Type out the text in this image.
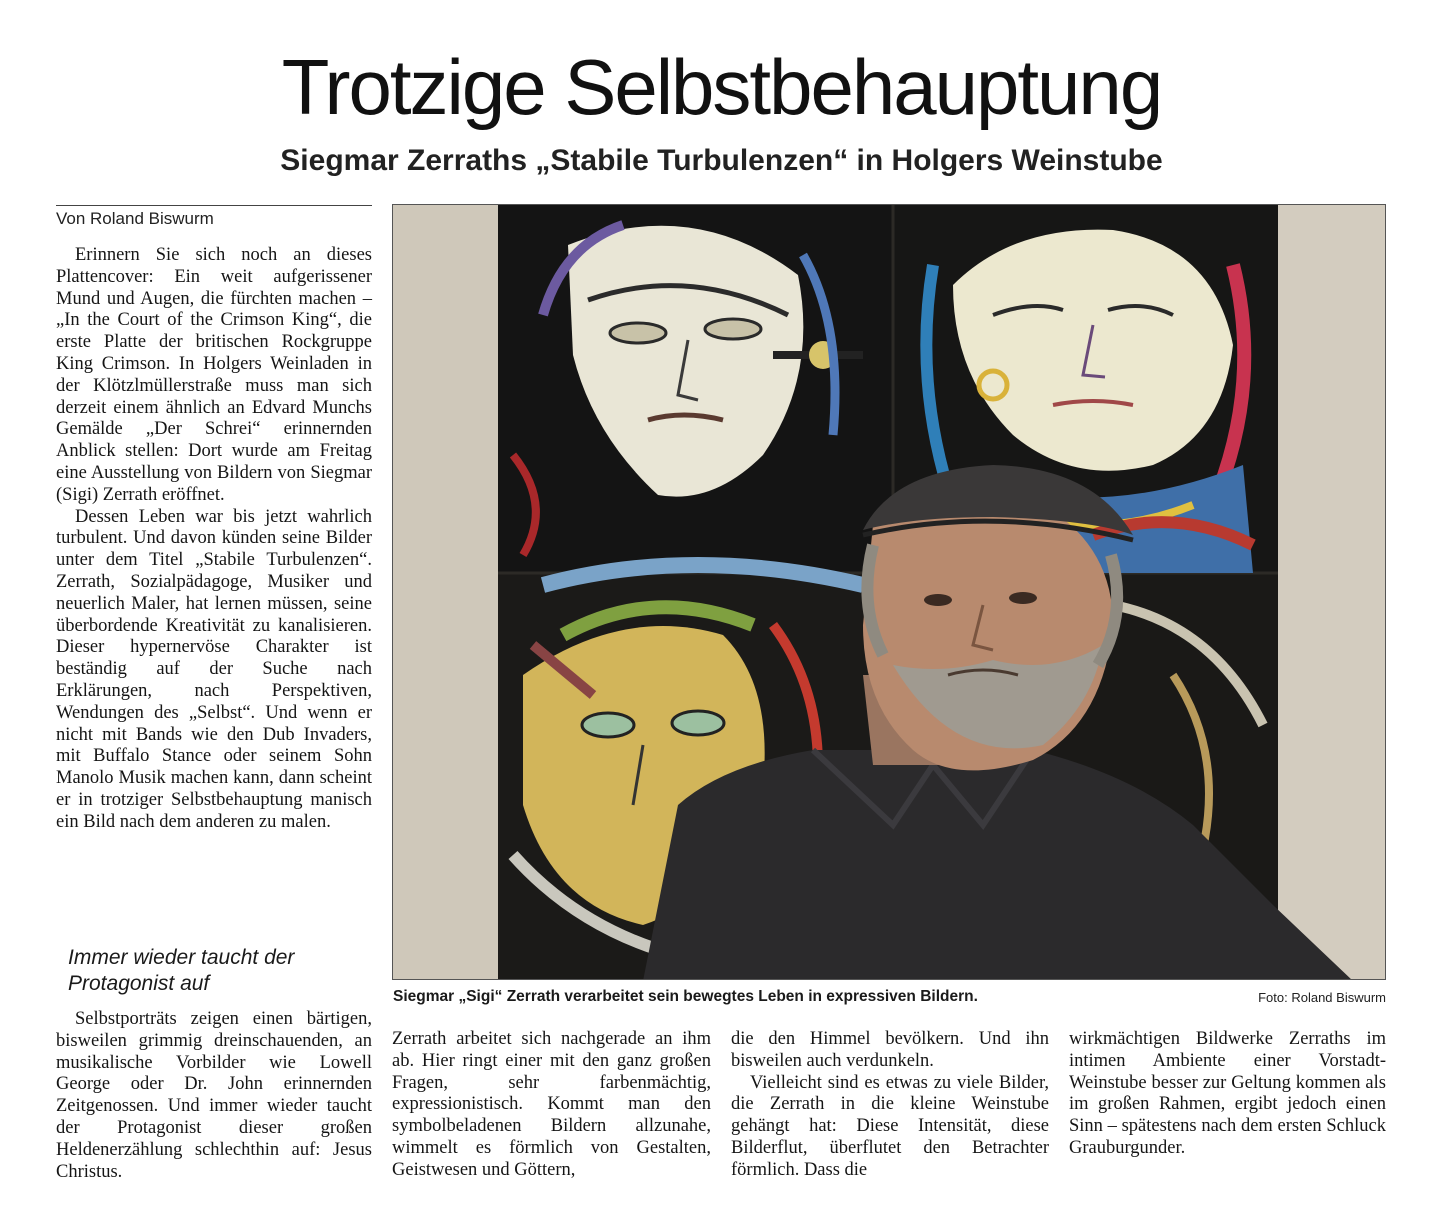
Trotzige Selbstbehauptung
Siegmar Zerraths „Stabile Turbulenzen“ in Holgers Weinstube
Von Roland Biswurm

Erinnern Sie sich noch an dieses Plattencover: Ein weit aufgerissener Mund und Augen, die fürchten machen – „In the Court of the Crimson King“, die erste Platte der britischen Rockgruppe King Crimson. In Holgers Weinladen in der Klötzlmüllerstraße muss man sich derzeit einem ähnlich an Edvard Munchs Gemälde „Der Schrei“ erinnernden Anblick stellen: Dort wurde am Freitag eine Ausstellung von Bildern von Siegmar (Sigi) Zerrath eröffnet.

Dessen Leben war bis jetzt wahrlich turbulent. Und davon künden seine Bilder unter dem Titel „Stabile Turbulenzen“. Zerrath, Sozialpädagoge, Musiker und neuerlich Maler, hat lernen müssen, seine überbordende Kreativität zu kanalisieren. Dieser hypernervöse Charakter ist beständig auf der Suche nach Erklärungen, nach Perspektiven, Wendungen des „Selbst“. Und wenn er nicht mit Bands wie den Dub Invaders, mit Buffalo Stance oder seinem Sohn Manolo Musik machen kann, dann scheint er in trotziger Selbstbehauptung manisch ein Bild nach dem anderen zu malen.

Immer wieder taucht der Protagonist auf

Selbstporträts zeigen einen bärtigen, bisweilen grimmig dreinschauenden, an musikalische Vorbilder wie Lowell George oder Dr. John erinnernden Zeitgenossen. Und immer wieder taucht der Protagonist dieser großen Heldenerzählung schlechthin auf: Jesus Christus.

Siegmar „Sigi“ Zerrath verarbeitet sein bewegtes Leben in expressiven Bildern.	Foto: Roland Biswurm

Zerrath arbeitet sich nachgerade an ihm ab. Hier ringt einer mit den ganz großen Fragen, sehr farbenmächtig, expressionistisch. Kommt man den symbolbeladenen Bildern allzunahe, wimmelt es förmlich von Gestalten, Geistwesen und Göttern,

die den Himmel bevölkern. Und ihn bisweilen auch verdunkeln.

Vielleicht sind es etwas zu viele Bilder, die Zerrath in die kleine Weinstube gehängt hat: Diese Intensität, diese Bilderflut, überflutet den Betrachter förmlich. Dass die

wirkmächtigen Bildwerke Zerraths im intimen Ambiente einer Vorstadt-Weinstube besser zur Geltung kommen als im großen Rahmen, ergibt jedoch einen Sinn – spätestens nach dem ersten Schluck Grauburgunder.
